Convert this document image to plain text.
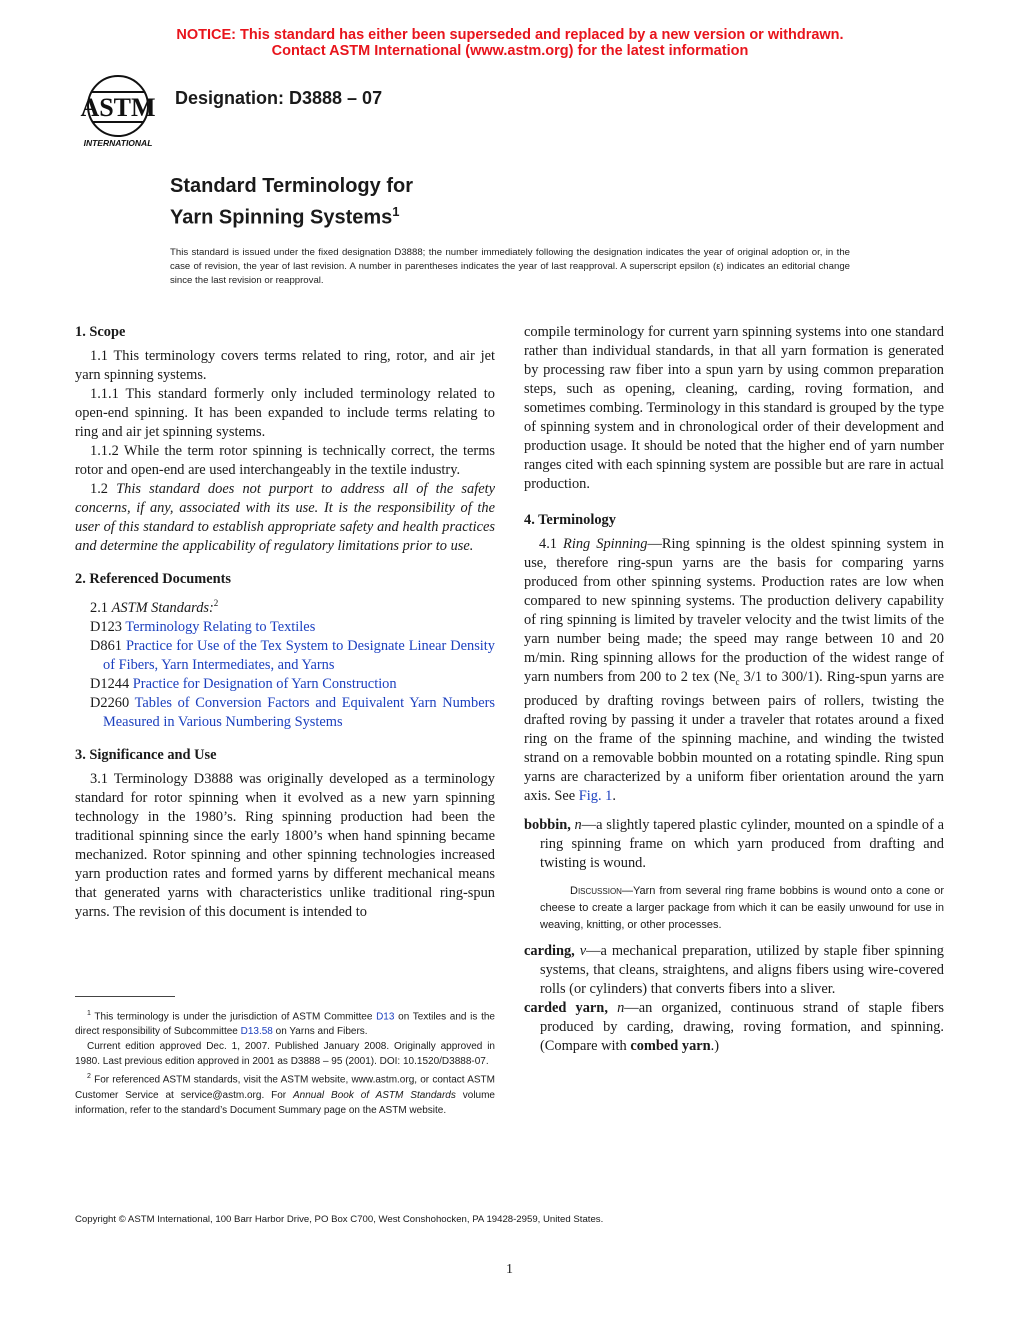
NOTICE: This standard has either been superseded and replaced by a new version or withdrawn.
Contact ASTM International (www.astm.org) for the latest information
ASTM
INTERNATIONAL
Designation: D3888 – 07
Standard Terminology for
Yarn Spinning Systems$^1$
This standard is issued under the fixed designation D3888; the number immediately following the designation indicates the year of original adoption or, in the case of revision, the year of last revision. A number in parentheses indicates the year of last reapproval. A superscript epsilon (ε) indicates an editorial change since the last revision or reapproval.

1. Scope

1.1 This terminology covers terms related to ring, rotor, and air jet yarn spinning systems.

1.1.1 This standard formerly only included terminology related to open-end spinning. It has been expanded to include terms relating to ring and air jet spinning systems.

1.1.2 While the term rotor spinning is technically correct, the terms rotor and open-end are used interchangeably in the textile industry.

1.2 This standard does not purport to address all of the safety concerns, if any, associated with its use. It is the responsibility of the user of this standard to establish appropriate safety and health practices and determine the applicability of regulatory limitations prior to use.

2. Referenced Documents

2.1 ASTM Standards:$^2$

D123 Terminology Relating to Textiles

D861 Practice for Use of the Tex System to Designate Linear Density of Fibers, Yarn Intermediates, and Yarns

D1244 Practice for Designation of Yarn Construction

D2260 Tables of Conversion Factors and Equivalent Yarn Numbers Measured in Various Numbering Systems

3. Significance and Use

3.1 Terminology D3888 was originally developed as a terminology standard for rotor spinning when it evolved as a new yarn spinning technology in the 1980’s. Ring spinning production had been the traditional spinning since the early 1800’s when hand spinning became mechanized. Rotor spinning and other spinning technologies increased yarn production rates and formed yarns by different mechanical means that generated yarns with characteristics unlike traditional ring-spun yarns. The revision of this document is intended to

$^1$ This terminology is under the jurisdiction of ASTM Committee D13 on Textiles and is the direct responsibility of Subcommittee D13.58 on Yarns and Fibers.

Current edition approved Dec. 1, 2007. Published January 2008. Originally approved in 1980. Last previous edition approved in 2001 as D3888 – 95 (2001). DOI: 10.1520/D3888-07.

$^2$ For referenced ASTM standards, visit the ASTM website, www.astm.org, or contact ASTM Customer Service at service@astm.org. For Annual Book of ASTM Standards volume information, refer to the standard’s Document Summary page on the ASTM website.

compile terminology for current yarn spinning systems into one standard rather than individual standards, in that all yarn formation is generated by processing raw fiber into a spun yarn by using common preparation steps, such as opening, cleaning, carding, roving formation, and sometimes combing. Terminology in this standard is grouped by the type of spinning system and in chronological order of their development and production usage. It should be noted that the higher end of yarn number ranges cited with each spinning system are possible but are rare in actual production.

4. Terminology

4.1 Ring Spinning—Ring spinning is the oldest spinning system in use, therefore ring-spun yarns are the basis for comparing yarns produced from other spinning systems. Production rates are low when compared to new spinning systems. The production delivery capability of ring spinning is limited by traveler velocity and the twist limits of the yarn number being made; the speed may range between 10 and 20 m/min. Ring spinning allows for the production of the widest range of yarn numbers from 200 to 2 tex ($Ne_c$ 3/1 to 300/1). Ring-spun yarns are produced by drafting rovings between pairs of rollers, twisting the drafted roving by passing it under a traveler that rotates around a fixed ring on the frame of the spinning machine, and winding the twisted strand on a removable bobbin mounted on a rotating spindle. Ring spun yarns are characterized by a uniform fiber orientation around the yarn axis. See Fig. 1.

bobbin, n—a slightly tapered plastic cylinder, mounted on a spindle of a ring spinning frame on which yarn produced from drafting and twisting is wound.

Discussion—Yarn from several ring frame bobbins is wound onto a cone or cheese to create a larger package from which it can be easily unwound for use in weaving, knitting, or other processes.

carding, v—a mechanical preparation, utilized by staple fiber spinning systems, that cleans, straightens, and aligns fibers using wire-covered rolls (or cylinders) that converts fibers into a sliver.

carded yarn, n—an organized, continuous strand of staple fibers produced by carding, drawing, roving formation, and spinning. (Compare with combed yarn.)

Copyright © ASTM International, 100 Barr Harbor Drive, PO Box C700, West Conshohocken, PA 19428-2959, United States.
1
